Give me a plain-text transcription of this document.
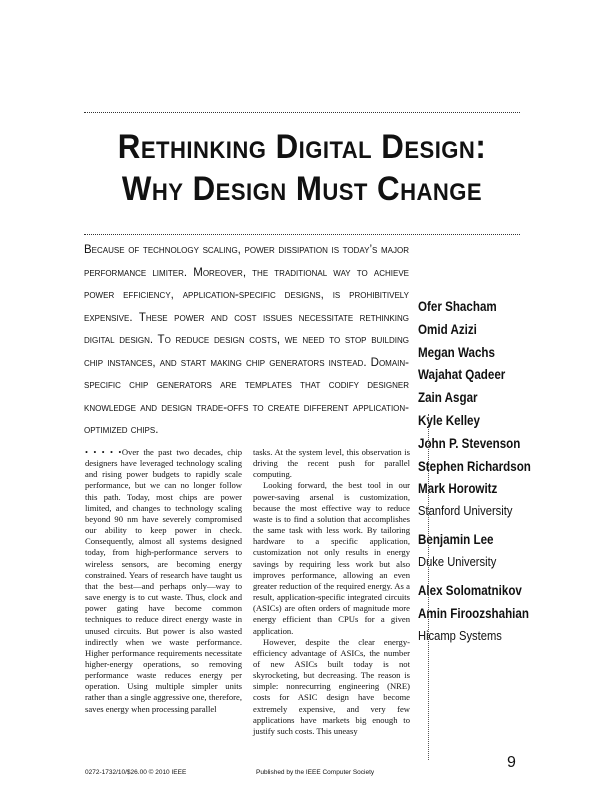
Rethinking Digital Design:
Why Design Must Change
Because of technology scaling, power dissipation is today’s major performance limiter. Moreover, the traditional way to achieve power efficiency, application-specific designs, is prohibitively expensive. These power and cost issues necessitate rethinking digital design. To reduce design costs, we need to stop building chip instances, and start making chip generators instead. Domain-specific chip generators are templates that codify designer knowledge and design trade-offs to create different application-optimized chips.
Ofer Shacham
Omid Azizi
Megan Wachs
Wajahat Qadeer
Zain Asgar
Kyle Kelley
John P. Stevenson
Stephen Richardson
Mark Horowitz
Stanford University
Benjamin Lee
Duke University
Alex Solomatnikov
Amin Firoozshahian
Hicamp Systems

• • • • •Over the past two decades, chip designers have leveraged technology scaling and rising power budgets to rapidly scale performance, but we can no longer follow this path. Today, most chips are power limited, and changes to technology scaling beyond 90 nm have severely compromised our ability to keep power in check. Consequently, almost all systems designed today, from high-performance servers to wireless sensors, are becoming energy constrained. Years of research have taught us that the best—and perhaps only—way to save energy is to cut waste. Thus, clock and power gating have become common techniques to reduce direct energy waste in unused circuits. But power is also wasted indirectly when we waste performance. Higher performance requirements necessitate higher-energy operations, so removing performance waste reduces energy per operation. Using multiple simpler units rather than a single aggressive one, therefore, saves energy when processing parallel

tasks. At the system level, this observation is driving the recent push for parallel computing.

Looking forward, the best tool in our power-saving arsenal is customization, because the most effective way to reduce waste is to find a solution that accomplishes the same task with less work. By tailoring hardware to a specific application, customization not only results in energy savings by requiring less work but also improves performance, allowing an even greater reduction of the required energy. As a result, application-specific integrated circuits (ASICs) are often orders of magnitude more energy efficient than CPUs for a given application.

However, despite the clear energy-efficiency advantage of ASICs, the number of new ASICs built today is not skyrocketing, but decreasing. The reason is simple: nonrecurring engineering (NRE) costs for ASIC design have become extremely expensive, and very few applications have markets big enough to justify such costs. This uneasy

0272-1732/10/$26.00 © 2010 IEEE	Published by the IEEE Computer Society
9
